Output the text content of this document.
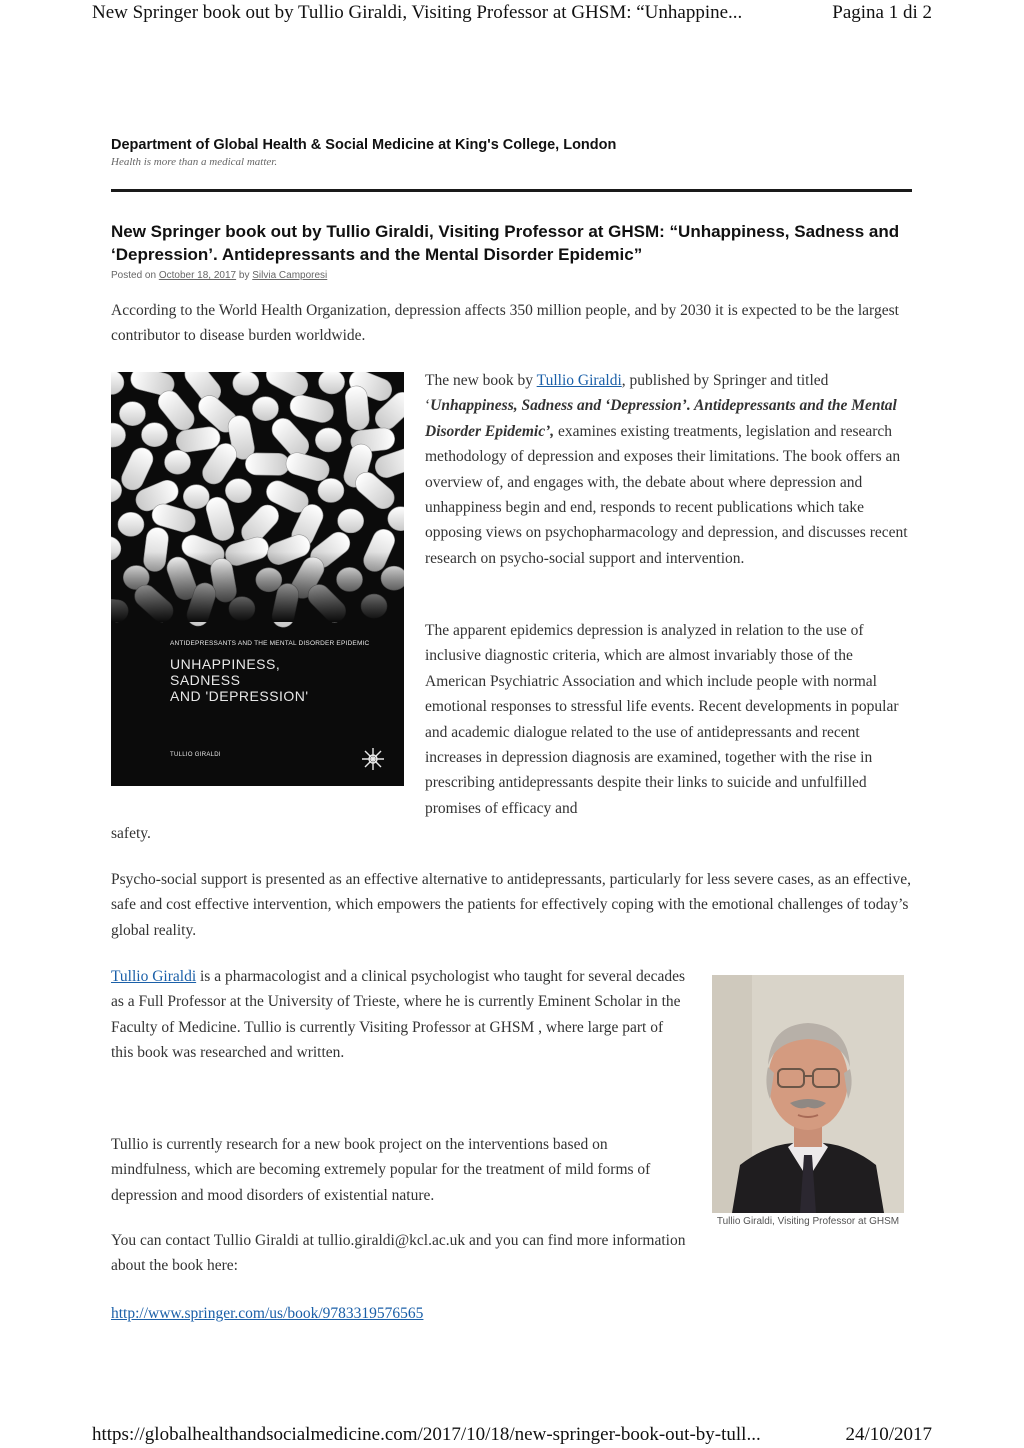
New Springer book out by Tullio Giraldi, Visiting Professor at GHSM: “Unhappine...	Pagina 1 di 2
Department of Global Health & Social Medicine at King's College, London

Health is more than a medical matter.

New Springer book out by Tullio Giraldi, Visiting Professor at GHSM: “Unhappiness, Sadness and ‘Depression’. Antidepressants and the Mental Disorder Epidemic”
Posted on October 18, 2017 by Silvia Camporesi

According to the World Health Organization, depression affects 350 million people, and by 2030 it is expected to be the largest contributor to disease burden worldwide.

ANTIDEPRESSANTS AND THE MENTAL DISORDER EPIDEMIC
UNHAPPINESS,
SADNESS
AND 'DEPRESSION'
TULLIO GIRALDI

The new book by Tullio Giraldi, published by Springer and titled ‘Unhappiness, Sadness and ‘Depression’. Antidepressants and the Mental Disorder Epidemic’, examines existing treatments, legislation and research methodology of depression and exposes their limitations. The book offers an overview of, and engages with, the debate about where depression and unhappiness begin and end, responds to recent publications which take opposing views on psychopharmacology and depression, and discusses recent research on psycho-social support and intervention.

The apparent epidemics depression is analyzed in relation to the use of inclusive diagnostic criteria, which are almost invariably those of the American Psychiatric Association and which include people with normal emotional responses to stressful life events. Recent developments in popular and academic dialogue related to the use of antidepressants and recent increases in depression diagnosis are examined, together with the rise in prescribing antidepressants despite their links to suicide and unfulfilled promises of efficacy and

safety.

Psycho-social support is presented as an effective alternative to antidepressants, particularly for less severe cases, as an effective, safe and cost effective intervention, which empowers the patients for effectively coping with the emotional challenges of today’s global reality.

Tullio Giraldi is a pharmacologist and a clinical psychologist who taught for several decades as a Full Professor at the University of Trieste, where he is currently Eminent Scholar in the Faculty of Medicine. Tullio is currently Visiting Professor at GHSM , where large part of this book was researched and written.

Tullio is currently research for a new book project on the interventions based on mindfulness, which are becoming extremely popular for the treatment of mild forms of depression and mood disorders of existential nature.

You can contact Tullio Giraldi at tullio.giraldi@kcl.ac.uk and you can find more information about the book here:

http://www.springer.com/us/book/9783319576565

Tullio Giraldi, Visiting Professor at GHSM
https://globalhealthandsocialmedicine.com/2017/10/18/new-springer-book-out-by-tull...	24/10/2017
